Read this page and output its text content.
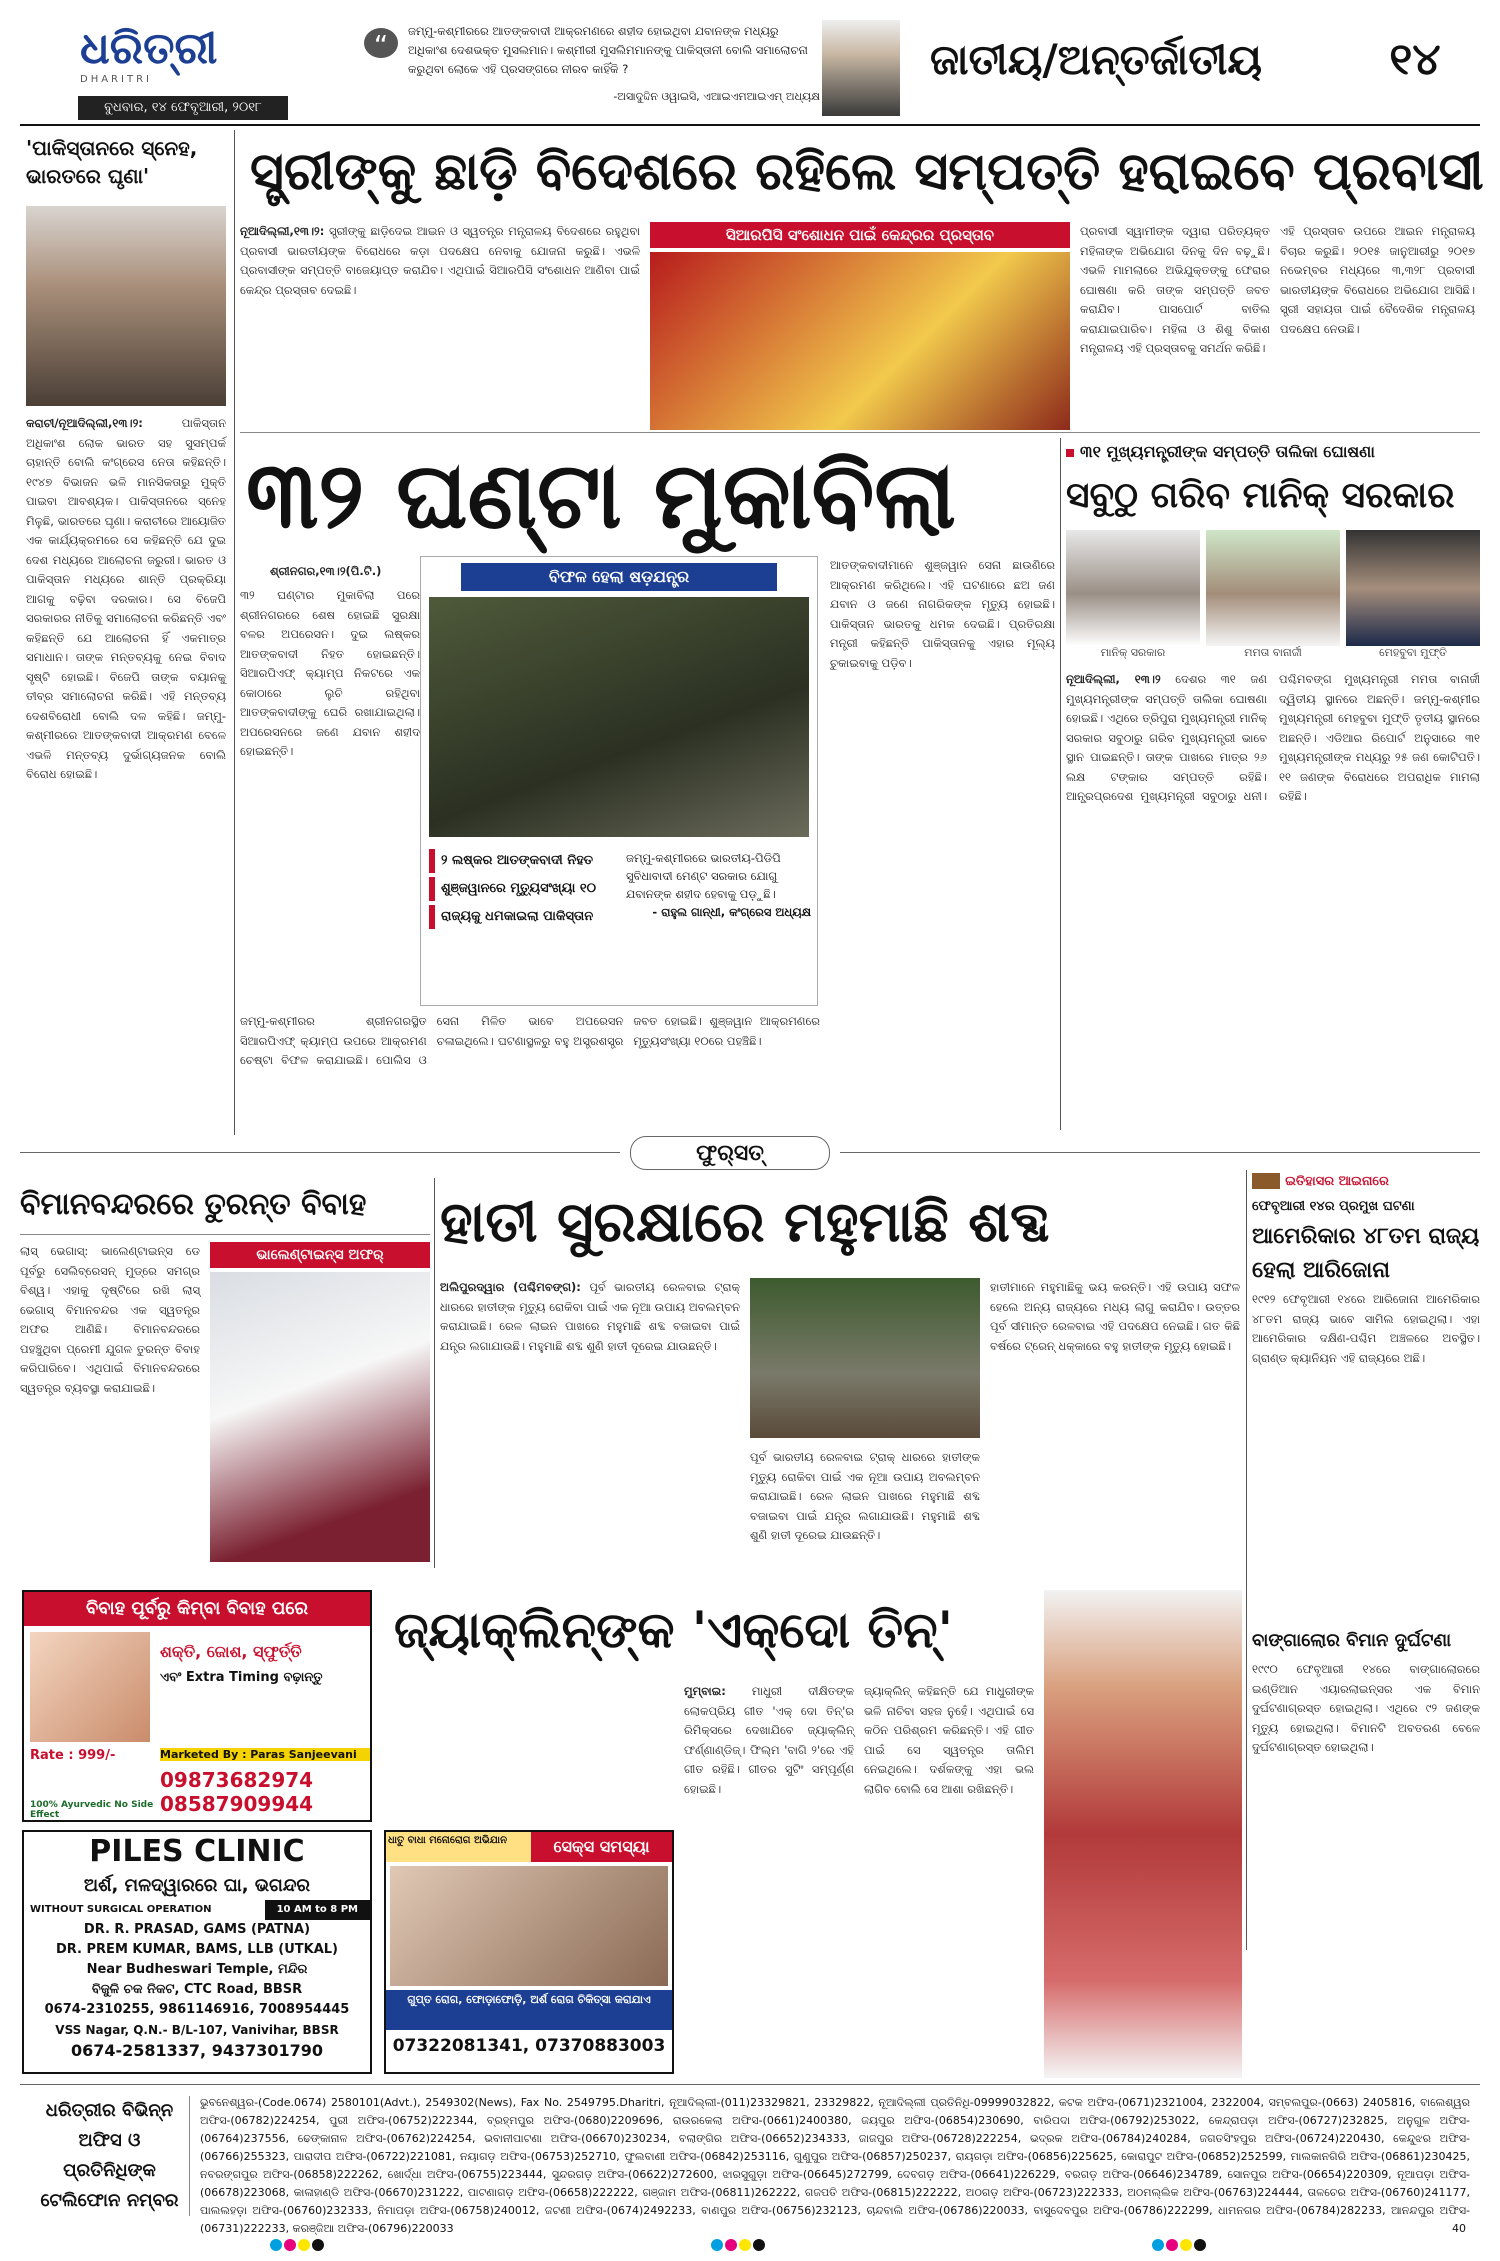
ଧରିତ୍ରୀ
DHARITRI
ବୁଧବାର, ୧୪ ଫେବୃଆରୀ, ୨୦୧୮
“	ଜମ୍ମୁ-କଶ୍ମୀରରେ ଆତଙ୍କବାଦୀ ଆକ୍ରମଣରେ ଶହୀଦ ହୋଇଥିବା ଯବାନଙ୍କ ମଧ୍ୟରୁ ଅଧିକାଂଶ ଦେଶଭକ୍ତ ମୁସଲମାନ। କଶ୍ମୀରୀ ମୁସଲିମମାନଙ୍କୁ ପାକିସ୍ତାନୀ ବୋଲି ସମାଲୋଚନା କରୁଥିବା ଲୋକେ ଏହି ପ୍ରସଙ୍ଗରେ ନୀରବ କାହିଁକି ?
-ଅସାଦୁଦ୍ଦିନ ଓୱାଇସି, ଏଆଇଏମଆଇଏମ୍ ଅଧ୍ୟକ୍ଷ
ଜାତୀୟ/ଅନ୍ତର୍ଜାତୀୟ	୧୪
'ପାକିସ୍ତାନରେ ସ୍ନେହ, ଭାରତରେ ଘୃଣା'
କରାଚୀ/ନୂଆଦିଲ୍ଲୀ,୧୩।୨:	ପାକିସ୍ତାନ ଅଧିକାଂଶ ଲୋକ ଭାରତ ସହ ସୁସମ୍ପର୍କ ଚାହାନ୍ତି ବୋଲି କଂଗ୍ରେସ ନେତା କହିଛନ୍ତି। ୧୯୪୭ ବିଭାଜନ ଭଳି ମାନସିକତାରୁ ମୁକ୍ତି ପାଇବା ଆବଶ୍ୟକ। ପାକିସ୍ତାନରେ ସ୍ନେହ ମିଳୁଛି, ଭାରତରେ ଘୃଣା। କରାଚୀରେ ଆୟୋଜିତ ଏକ କାର୍ଯ୍ୟକ୍ରମରେ ସେ କହିଛନ୍ତି ଯେ ଦୁଇ ଦେଶ ମଧ୍ୟରେ ଆଲୋଚନା ଜରୁରୀ। ଭାରତ ଓ ପାକିସ୍ତାନ ମଧ୍ୟରେ ଶାନ୍ତି ପ୍ରକ୍ରିୟା ଆଗକୁ ବଢ଼ିବା ଦରକାର। ସେ ବିଜେପି ସରକାରର ନୀତିକୁ ସମାଲୋଚନା କରିଛନ୍ତି ଏବଂ କହିଛନ୍ତି ଯେ ଆଲୋଚନା ହିଁ ଏକମାତ୍ର ସମାଧାନ। ତାଙ୍କ ମନ୍ତବ୍ୟକୁ ନେଇ ବିବାଦ ସୃଷ୍ଟି ହୋଇଛି। ବିଜେପି ତାଙ୍କ ବୟାନକୁ ତୀବ୍ର ସମାଲୋଚନା କରିଛି। ଏହି ମନ୍ତବ୍ୟ ଦେଶବିରୋଧୀ ବୋଲି ଦଳ କହିଛି। ଜମ୍ମୁ-କଶ୍ମୀରରେ ଆତଙ୍କବାଦୀ ଆକ୍ରମଣ ବେଳେ ଏଭଳି ମନ୍ତବ୍ୟ ଦୁର୍ଭାଗ୍ୟଜନକ ବୋଲି ବିରୋଧ ହୋଇଛି।
ସ୍ତ୍ରୀଙ୍କୁ ଛାଡ଼ି ବିଦେଶରେ ରହିଲେ ସମ୍ପତ୍ତି ହରାଇବେ ପ୍ରବାସୀ
ନୂଆଦିଲ୍ଲୀ,୧୩।୨: ସ୍ତ୍ରୀଙ୍କୁ ଛାଡ଼ିଦେଇ ଆଇନ ଓ ସ୍ୱତନ୍ତ୍ର ମନ୍ତ୍ରାଳୟ ବିଦେଶରେ ରହୁଥିବା ପ୍ରବାସୀ ଭାରତୀୟଙ୍କ ବିରୋଧରେ କଡ଼ା ପଦକ୍ଷେପ ନେବାକୁ ଯୋଜନା କରୁଛି। ଏଭଳି ପ୍ରବାସୀଙ୍କ ସମ୍ପତ୍ତି ବାଜେୟାପ୍ତ କରାଯିବ। ଏଥିପାଇଁ ସିଆରପିସି ସଂଶୋଧନ ଆଣିବା ପାଇଁ କେନ୍ଦ୍ର ପ୍ରସ୍ତାବ ଦେଇଛି।
ସିଆରପିସି ସଂଶୋଧନ ପାଇଁ କେନ୍ଦ୍ରର ପ୍ରସ୍ତାବ	ପ୍ରବାସୀ ସ୍ୱାମୀଙ୍କ ଦ୍ୱାରା ପରିତ୍ୟକ୍ତ ମହିଳାଙ୍କ ଅଭିଯୋଗ ଦିନକୁ ଦିନ ବଢ଼ୁଛି। ଏଭଳି ମାମଲାରେ ଅଭିଯୁକ୍ତଙ୍କୁ ଫେରାର ଘୋଷଣା କରି ତାଙ୍କ ସମ୍ପତ୍ତି ଜବତ କରାଯିବ। ପାସପୋର୍ଟ ବାତିଲ କରାଯାଇପାରିବ। ମହିଳା ଓ ଶିଶୁ ବିକାଶ ମନ୍ତ୍ରାଳୟ ଏହି ପ୍ରସ୍ତାବକୁ ସମର୍ଥନ କରିଛି।
ଏହି ପ୍ରସ୍ତାବ ଉପରେ ଆଇନ ମନ୍ତ୍ରାଳୟ ବିଚାର କରୁଛି। ୨୦୧୫ ଜାନୁଆରୀରୁ ୨୦୧୭ ନଭେମ୍ବର ମଧ୍ୟରେ ୩,୩୨୮ ପ୍ରବାସୀ ଭାରତୀୟଙ୍କ ବିରୋଧରେ ଅଭିଯୋଗ ଆସିଛି। ସ୍ତ୍ରୀ ସହାୟତା ପାଇଁ ବୈଦେଶିକ ମନ୍ତ୍ରାଳୟ ପଦକ୍ଷେପ ନେଉଛି।
୩୨ ଘଣ୍ଟା ମୁକାବିଲା
ଶ୍ରୀନଗର,୧୩।୨(ପି.ଟି.)
୩୨ ଘଣ୍ଟାର ମୁକାବିଲା ପରେ ଶ୍ରୀନଗରରେ ଶେଷ ହୋଇଛି ସୁରକ୍ଷା ବଳର ଅପରେସନ। ଦୁଇ ଲଷ୍କର ଆତଙ୍କବାଦୀ ନିହତ ହୋଇଛନ୍ତି। ସିଆରପିଏଫ୍ କ୍ୟାମ୍ପ ନିକଟରେ ଏକ କୋଠାରେ ଲୁଚି ରହିଥିବା ଆତଙ୍କବାଦୀଙ୍କୁ ଘେରି ରଖାଯାଇଥିଲା। ଅପରେସନରେ ଜଣେ ଯବାନ ଶହୀଦ ହୋଇଛନ୍ତି।
ବିଫଳ ହେଲା ଷଡ଼ଯନ୍ତ୍ର
୨ ଲଷ୍କର ଆତଙ୍କବାଦୀ ନିହତ
ଶୁଞ୍ଜୱାନରେ ମୃତ୍ୟୁସଂଖ୍ୟା ୧୦
ରାଜ୍ୟକୁ ଧମକାଇଲା ପାକିସ୍ତାନ
ଜମ୍ମୁ-କଶ୍ମୀରରେ ଭାରତୀୟ-ପିଡିପି ସୁବିଧାବାଦୀ ମେଣ୍ଟ ସରକାର ଯୋଗୁ ଯବାନଙ୍କ ଶହୀଦ ହେବାକୁ ପଡ଼ୁଛି।
- ରାହୁଲ ଗାନ୍ଧୀ, କଂଗ୍ରେସ ଅଧ୍ୟକ୍ଷ
ଆତଙ୍କବାଦୀମାନେ ଶୁଞ୍ଜୱାନ ସେନା ଛାଉଣିରେ ଆକ୍ରମଣ କରିଥିଲେ। ଏହି ଘଟଣାରେ ଛଅ ଜଣ ଯବାନ ଓ ଜଣେ ନାଗରିକଙ୍କ ମୃତ୍ୟୁ ହୋଇଛି। ପାକିସ୍ତାନ ଭାରତକୁ ଧମକ ଦେଇଛି। ପ୍ରତିରକ୍ଷା ମନ୍ତ୍ରୀ କହିଛନ୍ତି ପାକିସ୍ତାନକୁ ଏହାର ମୂଲ୍ୟ ଚୁକାଇବାକୁ ପଡ଼ିବ।
ଜମ୍ମୁ-କଶ୍ମୀରର ଶ୍ରୀନଗରସ୍ଥିତ ସିଆରପିଏଫ୍ କ୍ୟାମ୍ପ ଉପରେ ଆକ୍ରମଣ ଚେଷ୍ଟା ବିଫଳ କରାଯାଇଛି। ପୋଲିସ ଓ ସେନା ମିଳିତ ଭାବେ ଅପରେସନ ଚଳାଇଥିଲେ। ଘଟଣାସ୍ଥଳରୁ ବହୁ ଅସ୍ତ୍ରଶସ୍ତ୍ର ଜବତ ହୋଇଛି। ଶୁଞ୍ଜୱାନ ଆକ୍ରମଣରେ ମୃତ୍ୟୁସଂଖ୍ୟା ୧୦ରେ ପହଞ୍ଚିଛି।
୩୧ ମୁଖ୍ୟମନ୍ତ୍ରୀଙ୍କ ସମ୍ପତ୍ତି ତାଲିକା ଘୋଷଣା
ସବୁଠୁ ଗରିବ ମାନିକ୍ ସରକାର
ମାନିକ୍ ସରକାର	ମମତା ବାନାର୍ଜୀ	ମେହବୁବା ମୁଫ୍ତି
ନୂଆଦିଲ୍ଲୀ, ୧୩।୨ ଦେଶର ୩୧ ଜଣ ମୁଖ୍ୟମନ୍ତ୍ରୀଙ୍କ ସମ୍ପତ୍ତି ତାଲିକା ଘୋଷଣା ହୋଇଛି। ଏଥିରେ ତ୍ରିପୁରା ମୁଖ୍ୟମନ୍ତ୍ରୀ ମାନିକ୍ ସରକାର ସବୁଠାରୁ ଗରିବ ମୁଖ୍ୟମନ୍ତ୍ରୀ ଭାବେ ସ୍ଥାନ ପାଇଛନ୍ତି। ତାଙ୍କ ପାଖରେ ମାତ୍ର ୨୬ ଲକ୍ଷ ଟଙ୍କାର ସମ୍ପତ୍ତି ରହିଛି। ଆନ୍ଧ୍ରପ୍ରଦେଶ ମୁଖ୍ୟମନ୍ତ୍ରୀ ସବୁଠାରୁ ଧନୀ। ପଶ୍ଚିମବଙ୍ଗ ମୁଖ୍ୟମନ୍ତ୍ରୀ ମମତା ବାନାର୍ଜୀ ଦ୍ୱିତୀୟ ସ୍ଥାନରେ ଅଛନ୍ତି। ଜମ୍ମୁ-କଶ୍ମୀର ମୁଖ୍ୟମନ୍ତ୍ରୀ ମେହବୁବା ମୁଫ୍ତି ତୃତୀୟ ସ୍ଥାନରେ ଅଛନ୍ତି। ଏଡିଆର ରିପୋର୍ଟ ଅନୁସାରେ ୩୧ ମୁଖ୍ୟମନ୍ତ୍ରୀଙ୍କ ମଧ୍ୟରୁ ୨୫ ଜଣ କୋଟିପତି। ୧୧ ଜଣଙ୍କ ବିରୋଧରେ ଅପରାଧିକ ମାମଲା ରହିଛି।
ଫୁର୍‌ସତ୍
ବିମାନବନ୍ଦରରେ ତୁରନ୍ତ ବିବାହ
ଲାସ୍ ଭେଗାସ୍: ଭାଲେଣ୍ଟାଇନ୍ସ ଡେ ପୂର୍ବରୁ ସେଲିବ୍ରେସନ୍ ମୁଡ୍‌ରେ ସମଗ୍ର ବିଶ୍ୱ। ଏହାକୁ ଦୃଷ୍ଟିରେ ରଖି ଲାସ୍ ଭେଗାସ୍ ବିମାନବନ୍ଦର ଏକ ସ୍ୱତନ୍ତ୍ର ଅଫର ଆଣିଛି। ବିମାନବନ୍ଦରରେ ପହଞ୍ଚୁଥିବା ପ୍ରେମୀ ଯୁଗଳ ତୁରନ୍ତ ବିବାହ କରିପାରିବେ। ଏଥିପାଇଁ ବିମାନବନ୍ଦରରେ ସ୍ୱତନ୍ତ୍ର ବ୍ୟବସ୍ଥା କରାଯାଇଛି।
ଭାଲେଣ୍ଟାଇନ୍ସ ଅଫର୍	ହାତୀ ସୁରକ୍ଷାରେ ମହୁମାଛି ଶବ୍ଦ
ଅଲିପୁରଦ୍ୱାର (ପଶ୍ଚିମବଙ୍ଗ): ପୂର୍ବ ଭାରତୀୟ ରେଳବାଇ ଟ୍ରାକ୍ ଧାରରେ ହାତୀଙ୍କ ମୃତ୍ୟୁ ରୋକିବା ପାଇଁ ଏକ ନୂଆ ଉପାୟ ଅବଲମ୍ବନ କରାଯାଇଛି। ରେଳ ଲାଇନ ପାଖରେ ମହୁମାଛି ଶବ୍ଦ ବଜାଇବା ପାଇଁ ଯନ୍ତ୍ର ଲଗାଯାଉଛି। ମହୁମାଛି ଶବ୍ଦ ଶୁଣି ହାତୀ ଦୂରେଇ ଯାଉଛନ୍ତି।
ହାତୀମାନେ ମହୁମାଛିକୁ ଭୟ କରନ୍ତି। ଏହି ଉପାୟ ସଫଳ ହେଲେ ଅନ୍ୟ ରାଜ୍ୟରେ ମଧ୍ୟ ଲାଗୁ କରାଯିବ। ଉତ୍ତର ପୂର୍ବ ସୀମାନ୍ତ ରେଳବାଇ ଏହି ପଦକ୍ଷେପ ନେଇଛି। ଗତ କିଛି ବର୍ଷରେ ଟ୍ରେନ୍ ଧକ୍କାରେ ବହୁ ହାତୀଙ୍କ ମୃତ୍ୟୁ ହୋଇଛି।
ପୂର୍ବ ଭାରତୀୟ ରେଳବାଇ ଟ୍ରାକ୍ ଧାରରେ ହାତୀଙ୍କ ମୃତ୍ୟୁ ରୋକିବା ପାଇଁ ଏକ ନୂଆ ଉପାୟ ଅବଲମ୍ବନ କରାଯାଇଛି। ରେଳ ଲାଇନ ପାଖରେ ମହୁମାଛି ଶବ୍ଦ ବଜାଇବା ପାଇଁ ଯନ୍ତ୍ର ଲଗାଯାଉଛି। ମହୁମାଛି ଶବ୍ଦ ଶୁଣି ହାତୀ ଦୂରେଇ ଯାଉଛନ୍ତି।
ଇତିହାସର ଆଇନାରେ
ଫେବୃଆରୀ ୧୪ର ପ୍ରମୁଖ ଘଟଣା
ଆମେରିକାର ୪୮ତମ ରାଜ୍ୟ ହେଲା ଆରିଜୋନା
୧୯୧୨ ଫେବୃଆରୀ ୧୪ରେ ଆରିଜୋନା ଆମେରିକାର ୪୮ତମ ରାଜ୍ୟ ଭାବେ ସାମିଲ ହୋଇଥିଲା। ଏହା ଆମେରିକାର ଦକ୍ଷିଣ-ପଶ୍ଚିମ ଅଞ୍ଚଳରେ ଅବସ୍ଥିତ। ଗ୍ରାଣ୍ଡ କ୍ୟାନିୟନ ଏହି ରାଜ୍ୟରେ ଅଛି।
ବାଙ୍ଗାଲୋର ବିମାନ ଦୁର୍ଘଟଣା
୧୯୯୦ ଫେବୃଆରୀ ୧୪ରେ ବାଙ୍ଗାଲୋରରେ ଇଣ୍ଡିଆନ ଏୟାରଲାଇନ୍ସର ଏକ ବିମାନ ଦୁର୍ଘଟଣାଗ୍ରସ୍ତ ହୋଇଥିଲା। ଏଥିରେ ୯୨ ଜଣଙ୍କ ମୃତ୍ୟୁ ହୋଇଥିଲା। ବିମାନଟି ଅବତରଣ ବେଳେ ଦୁର୍ଘଟଣାଗ୍ରସ୍ତ ହୋଇଥିଲା।
ବିବାହ ପୂର୍ବରୁ କିମ୍ବା ବିବାହ ପରେ
ଶକ୍ତି, ଜୋଶ, ସ୍ଫୁର୍ତ୍ତି
ଏବଂ Extra Timing ବଢ଼ାନ୍ତୁ
Rate : 999/-	Marketed By : Paras Sanjeevani
09873682974
08587909944
100% Ayurvedic No Side Effect
PILES CLINIC
ଅର୍ଶ, ମଳଦ୍ୱାରରେ ଘା, ଭଗନ୍ଦର
WITHOUT SURGICAL OPERATION	10 AM to 8 PM
DR. R. PRASAD, GAMS (PATNA)
DR. PREM KUMAR, BAMS, LLB (UTKAL)
Near Budheswari Temple, ମନ୍ଦିର
ବିଜୁଳି ଚକ ନିକଟ, CTC Road, BBSR
0674-2310255, 9861146916, 7008954445
VSS Nagar, Q.N.- B/L-107, Vanivihar, BBSR
0674-2581337, 9437301790
ଧାତୁ ବାଧା ମନୋରୋଗ ଅଭିଯାନ	ସେକ୍ସ ସମସ୍ୟା
ଗୁପ୍ତ ରୋଗ, ଫୋଡ଼ାଫୋଡ଼ି, ଅର୍ଶ ରୋଗ ଚିକିତ୍ସା କରାଯାଏ
07322081341, 07370883003
ଜ୍ୟାକ୍‌ଲିନ୍‌ଙ୍କ 'ଏକ୍‌ଦୋ ତିନ୍'
ମୁମ୍ବାଇ: ମାଧୁରୀ ଦୀକ୍ଷିତଙ୍କ ଲୋକପ୍ରିୟ ଗୀତ 'ଏକ୍ ଦୋ ତିନ୍'ର ରିମିକ୍ସରେ ଦେଖାଯିବେ ଜ୍ୟାକ୍‌ଲିନ୍ ଫର୍ଣ୍ଣାଣ୍ଡିଜ୍। ଫିଲ୍ମ 'ବାଗି ୨'ରେ ଏହି ଗୀତ ରହିଛି। ଗୀତର ସୁଟିଂ ସମ୍ପୂର୍ଣ୍ଣ ହୋଇଛି।
ଜ୍ୟାକ୍‌ଲିନ୍ କହିଛନ୍ତି ଯେ ମାଧୁରୀଙ୍କ ଭଳି ନାଚିବା ସହଜ ନୁହେଁ। ଏଥିପାଇଁ ସେ କଠିନ ପରିଶ୍ରମ କରିଛନ୍ତି। ଏହି ଗୀତ ପାଇଁ ସେ ସ୍ୱତନ୍ତ୍ର ତାଲିମ ନେଇଥିଲେ। ଦର୍ଶକଙ୍କୁ ଏହା ଭଲ ଲାଗିବ ବୋଲି ସେ ଆଶା ରଖିଛନ୍ତି।
ଧରିତ୍ରୀର ବିଭିନ୍ନ ଅଫିସ ଓ ପ୍ରତିନିଧିଙ୍କ ଟେଲିଫୋନ ନମ୍ବର
ଭୁବନେଶ୍ୱର-(Code.0674) 2580101(Advt.), 2549302(News), Fax No. 2549795.Dharitri, ନୂଆଦିଲ୍ଲୀ-(011)23329821, 23329822, ନୂଆଦିଲ୍ଲୀ ପ୍ରତିନିଧି-09999032822, କଟକ ଅଫିସ-(0671)2321004, 2322004, ସମ୍ବଲପୁର-(0663) 2405816, ବାଲେଶ୍ୱର ଅଫିସ-(06782)224254, ପୁରୀ ଅଫିସ-(06752)222344, ବ୍ରହ୍ମପୁର ଅଫିସ-(0680)2209696, ରାଉରକେଲା ଅଫିସ-(0661)2400380, ଜୟପୁର ଅଫିସ-(06854)230690, ବାରିପଦା ଅଫିସ-(06792)253022, କେନ୍ଦ୍ରାପଡ଼ା ଅଫିସ-(06727)232825, ଅନୁଗୁଳ ଅଫିସ-(06764)237556, ଢେଙ୍କାନାଳ ଅଫିସ-(06762)224254, ଭବାନୀପାଟଣା ଅଫିସ-(06670)230234, ବଲାଙ୍ଗିର ଅଫିସ-(06652)234333, ଜାଜପୁର ଅଫିସ-(06728)222254, ଭଦ୍ରକ ଅଫିସ-(06784)240284, ଜଗତସିଂହପୁର ଅଫିସ-(06724)220430, କେନ୍ଦୁଝର ଅଫିସ-(06766)255323, ପାରାଦୀପ ଅଫିସ-(06722)221081, ନୟାଗଡ଼ ଅଫିସ-(06753)252710, ଫୁଲବାଣୀ ଅଫିସ-(06842)253116, ଗୁଣୁପୁର ଅଫିସ-(06857)250237, ରାୟଗଡ଼ା ଅଫିସ-(06856)225625, କୋରାପୁଟ ଅଫିସ-(06852)252599, ମାଲକାନଗିରି ଅଫିସ-(06861)230425, ନବରଙ୍ଗପୁର ଅଫିସ-(06858)222262, ଖୋର୍ଦ୍ଧା ଅଫିସ-(06755)223444, ସୁନ୍ଦରଗଡ଼ ଅଫିସ-(06622)272600, ଝାରସୁଗୁଡ଼ା ଅଫିସ-(06645)272799, ଦେବଗଡ଼ ଅଫିସ-(06641)226229, ବରଗଡ଼ ଅଫିସ-(06646)234789, ସୋନପୁର ଅଫିସ-(06654)220309, ନୂଆପଡ଼ା ଅଫିସ-(06678)223068, କାଳାହାଣ୍ଡି ଅଫିସ-(06670)231222, ପାଟଣାଗଡ଼ ଅଫିସ-(06658)222222, ଗଞ୍ଜାମ ଅଫିସ-(06811)262222, ଗଜପତି ଅଫିସ-(06815)222222, ଅଠଗଡ଼ ଅଫିସ-(06723)222333, ଅଠମଲ୍ଲିକ ଅଫିସ-(06763)224444, ତାଳଚେର ଅଫିସ-(06760)241177, ପାଲଲହଡ଼ା ଅଫିସ-(06760)232333, ନିମାପଡ଼ା ଅଫିସ-(06758)240012, ଜଟଣୀ ଅଫିସ-(0674)2492233, ବାଣପୁର ଅଫିସ-(06756)232123, ଚାନ୍ଦବାଲି ଅଫିସ-(06786)220033, ବାସୁଦେବପୁର ଅଫିସ-(06786)222299, ଧାମନଗର ଅଫିସ-(06784)282233, ଆନନ୍ଦପୁର ଅଫିସ-(06731)222233, କରଞ୍ଜିଆ ଅଫିସ-(06796)220033
	40
